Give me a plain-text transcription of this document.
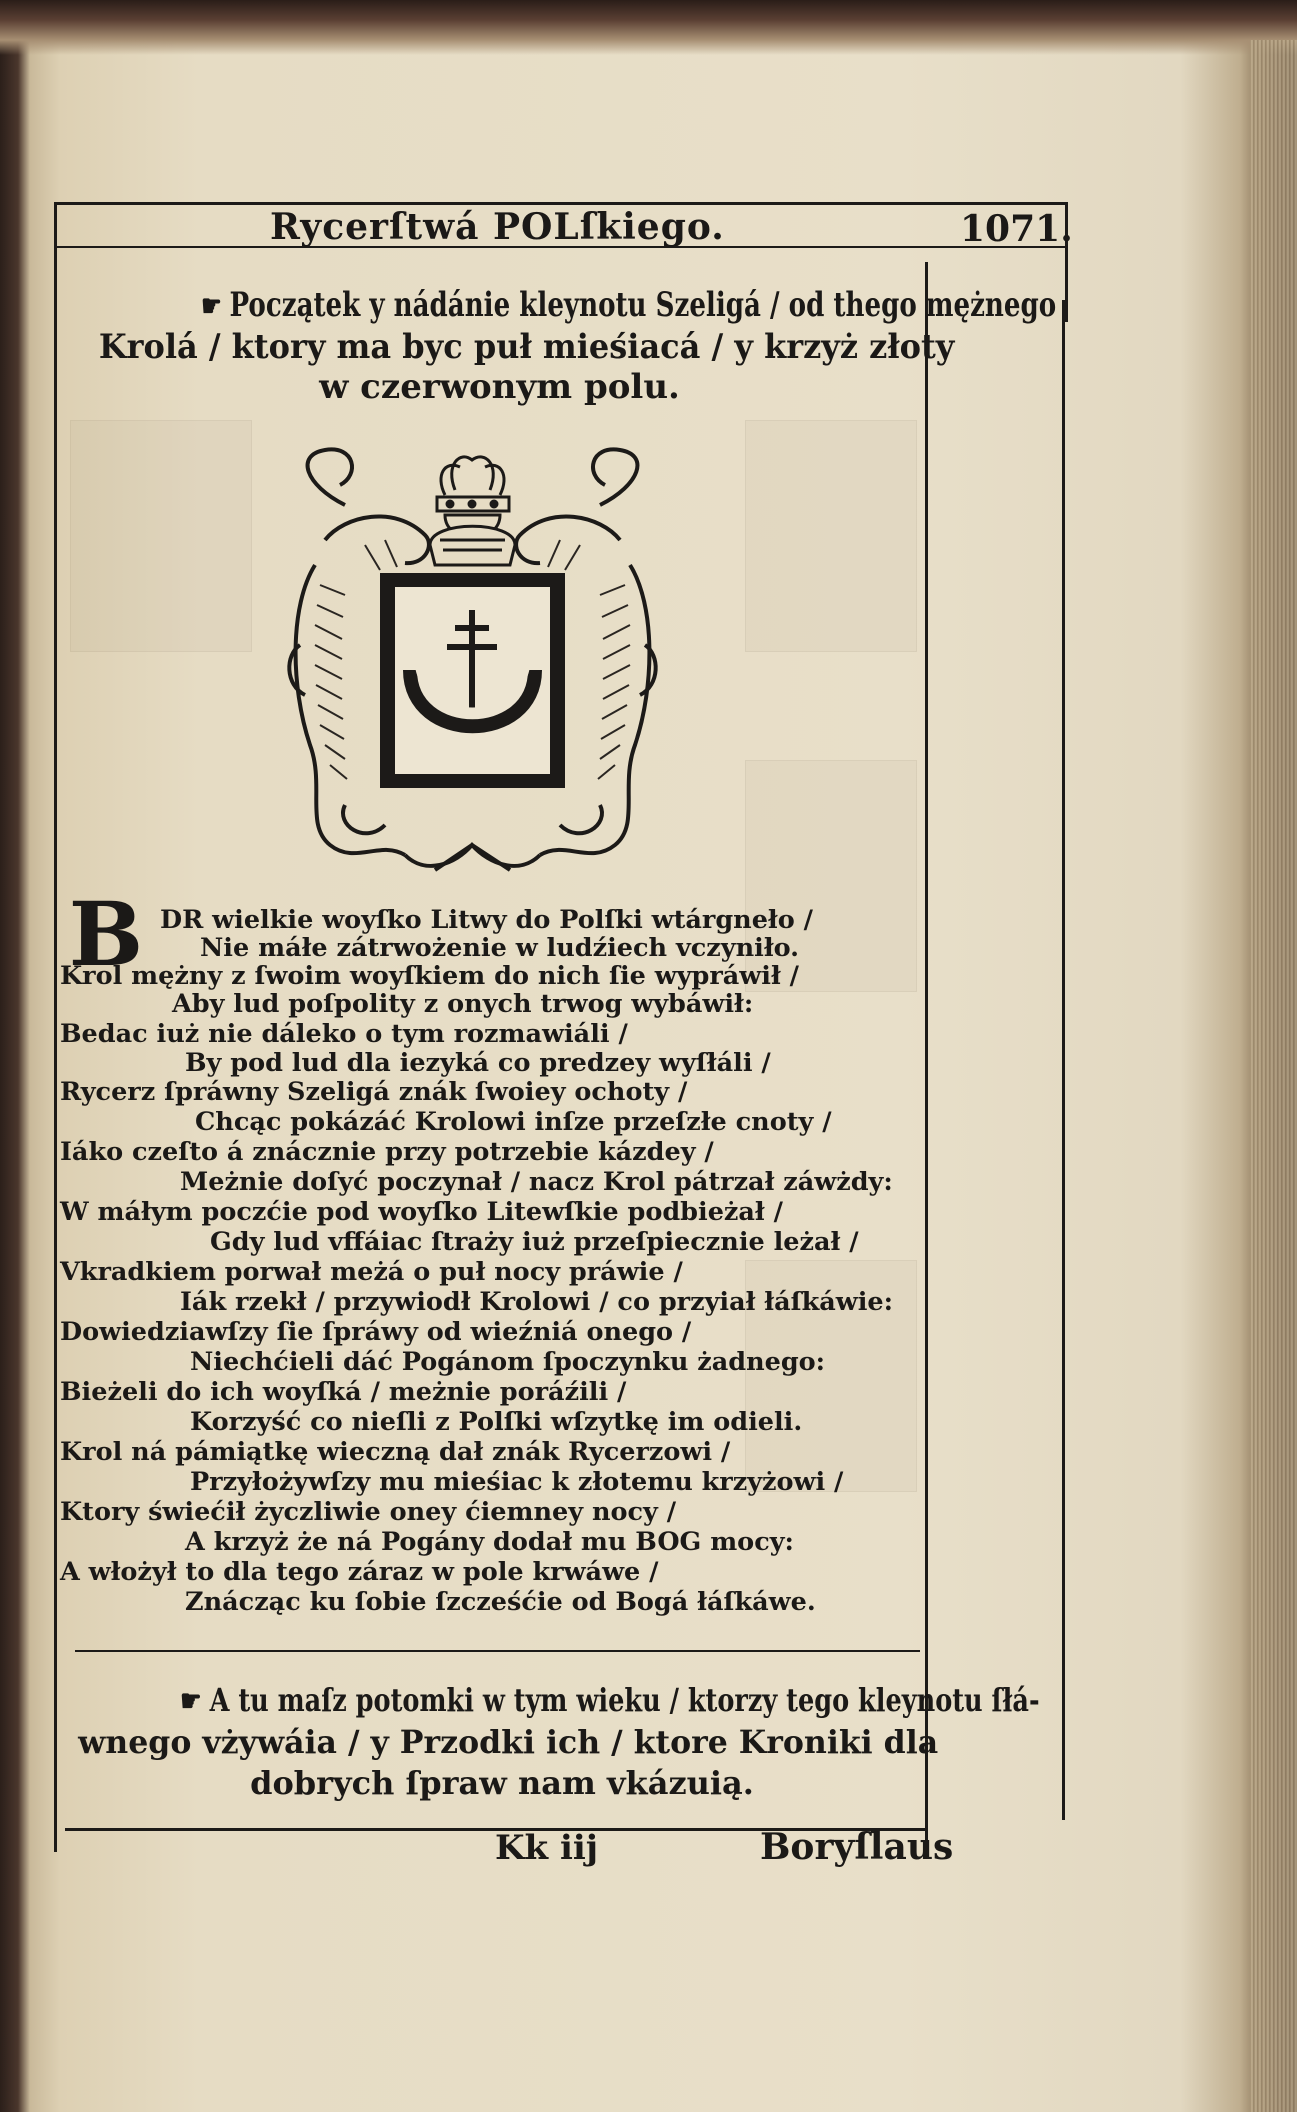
Rycerſtwá POLſkiego.	1071.
☛ Początek y nádánie kleynotu Szeligá / od thego mężnego
Krolá / ktory ma byc puł mieśiacá / y krzyż złoty
w czerwonym polu.
B DR wielkie woyſko Litwy do Polſki wtárgneło /
Nie máłe zátrwożenie w ludźiech vczyniło.
Krol mężny z ſwoim woyſkiem do nich ſie wypráwił /
Aby lud poſpolity z onych trwog wybáwił:
Bedac iuż nie dáleko o tym rozmawiáli /
By pod lud dla iezyká co predzey wyſłáli /
Rycerz ſpráwny Szeligá znák ſwoiey ochoty /
Chcąc pokázáć Krolowi inſze przeſzłe cnoty /
Iáko czeſto á znácznie przy potrzebie kázdey /
Meżnie doſyć poczynał / nacz Krol pátrzał záwżdy:
W máłym poczćie pod woyſko Litewſkie podbieżał /
Gdy lud vffáiac ſtraży iuż przeſpiecznie leżał /
Vkradkiem porwał meżá o puł nocy práwie /
Iák rzekł / przywiodł Krolowi / co przyiał łáſkáwie:
Dowiedziawſzy ſie ſpráwy od wieźniá onego /
Niechćieli dáć Pogánom ſpoczynku żadnego:
Bieżeli do ich woyſká / meżnie poráźili /
Korzyść co nieſli z Polſki wſzytkę im odieli.
Krol ná pámiątkę wieczną dał znák Rycerzowi /
Przyłożywſzy mu mieśiac k złotemu krzyżowi /
Ktory świećił życzliwie oney ćiemney nocy /
A krzyż że ná Pogány dodał mu BOG mocy:
A włożył to dla tego záraz w pole krwáwe /
Znácząc ku ſobie ſzcześćie od Bogá łáſkáwe.
☛ A tu maſz potomki w tym wieku / ktorzy tego kleynotu ſłá-
wnego vżywáia / y Przodki ich / ktore Kroniki dla
dobrych ſpraw nam vkázuią.
Kk iij	Boryſlaus
